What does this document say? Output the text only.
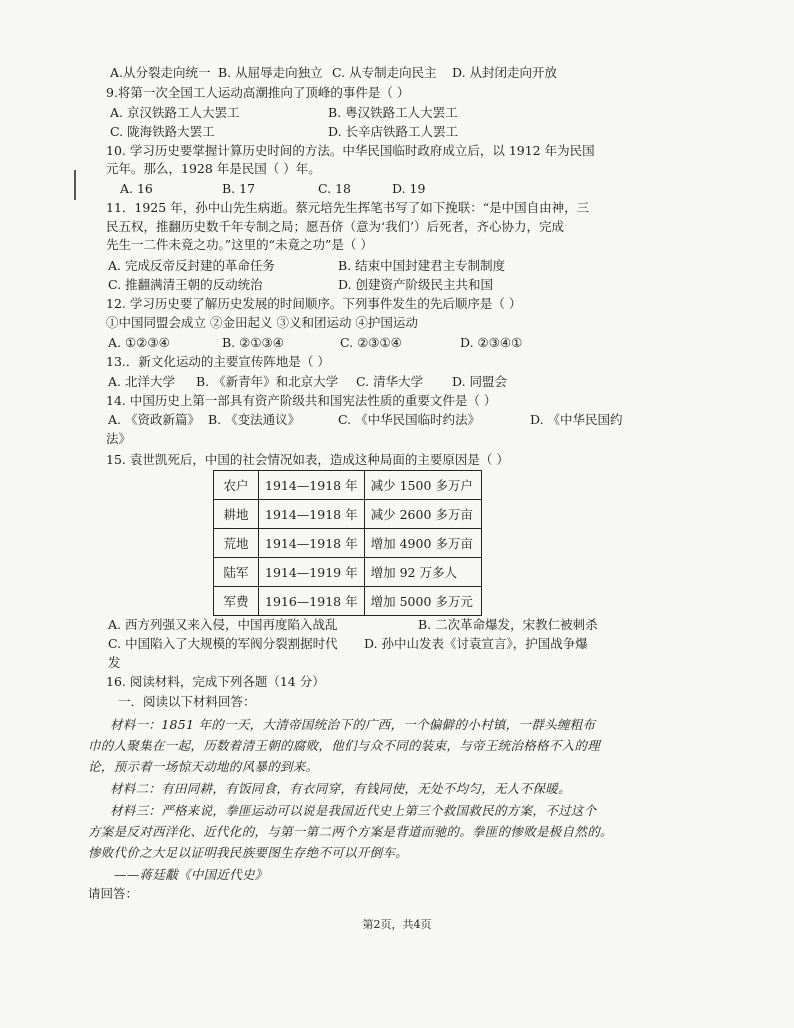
A.从分裂走向统一 B. 从屈辱走向独立 C. 从专制走向民主 D. 从封闭走向开放
9.将第一次全国工人运动高潮推向了顶峰的事件是（ ）
A. 京汉铁路工人大罢工	B. 粤汉铁路工人大罢工
C. 陇海铁路大罢工	D. 长辛店铁路工人罢工
10. 学习历史要掌握计算历史时间的方法。中华民国临时政府成立后，以 1912 年为民国
元年。那么，1928 年是民国（ ）年。
A. 16	B. 17	C. 18	D. 19
11．1925 年，孙中山先生病逝。蔡元培先生挥笔书写了如下挽联：“是中国自由神，三
民五权，推翻历史数千年专制之局；愿吾侪（意为‘我们’）后死者，齐心协力，完成
先生一二件未竟之功。”这里的“未竟之功”是（ ）
A. 完成反帝反封建的革命任务	B. 结束中国封建君主专制制度
C. 推翻满清王朝的反动统治	D. 创建资产阶级民主共和国
12. 学习历史要了解历史发展的时间顺序。下列事件发生的先后顺序是（ ）
①中国同盟会成立 ②金田起义 ③义和团运动 ④护国运动
A. ①②③④	B. ②①③④	C. ②③①④	D. ②③④①
13.．新文化运动的主要宣传阵地是（ ）
A. 北洋大学 B. 《新青年》和北京大学 C. 清华大学 D. 同盟会
14. 中国历史上第一部具有资产阶级共和国宪法性质的重要文件是（ ）
A. 《资政新篇》 B. 《变法通议》	C. 《中华民国临时约法》	D. 《中华民国约
法》
15. 袁世凯死后，中国的社会情况如表，造成这种局面的主要原因是（ ）
农户	1914—1918 年	减少 1500 多万户
耕地	1914—1918 年	减少 2600 多万亩
荒地	1914—1918 年	增加 4900 多万亩
陆军	1914—1919 年	增加 92 万多人
军费	1916—1918 年	增加 5000 多万元
A. 西方列强又来入侵，中国再度陷入战乱	B. 二次革命爆发，宋教仁被刺杀
C. 中国陷入了大规模的军阀分裂割据时代 D. 孙中山发表《讨袁宣言》，护国战争爆
发
16. 阅读材料，完成下列各题（14 分）
一．阅读以下材料回答：
材料一：1851 年的一天，大清帝国统治下的广西，一个偏僻的小村镇，一群头缠粗布
巾的人聚集在一起，历数着清王朝的腐败，他们与众不同的装束，与帝王统治格格不入的理
论，预示着一场惊天动地的风暴的到来。
材料二：有田同耕，有饭同食，有衣同穿，有钱同使，无处不均匀，无人不保暖。
材料三：严格来说，拳匪运动可以说是我国近代史上第三个救国救民的方案，不过这个
方案是反对西洋化、近代化的，与第一第二两个方案是背道而驰的。拳匪的惨败是极自然的。
惨败代价之大足以证明我民族要图生存绝不可以开倒车。
——蒋廷黻《中国近代史》
请回答：
第2页，共4页
